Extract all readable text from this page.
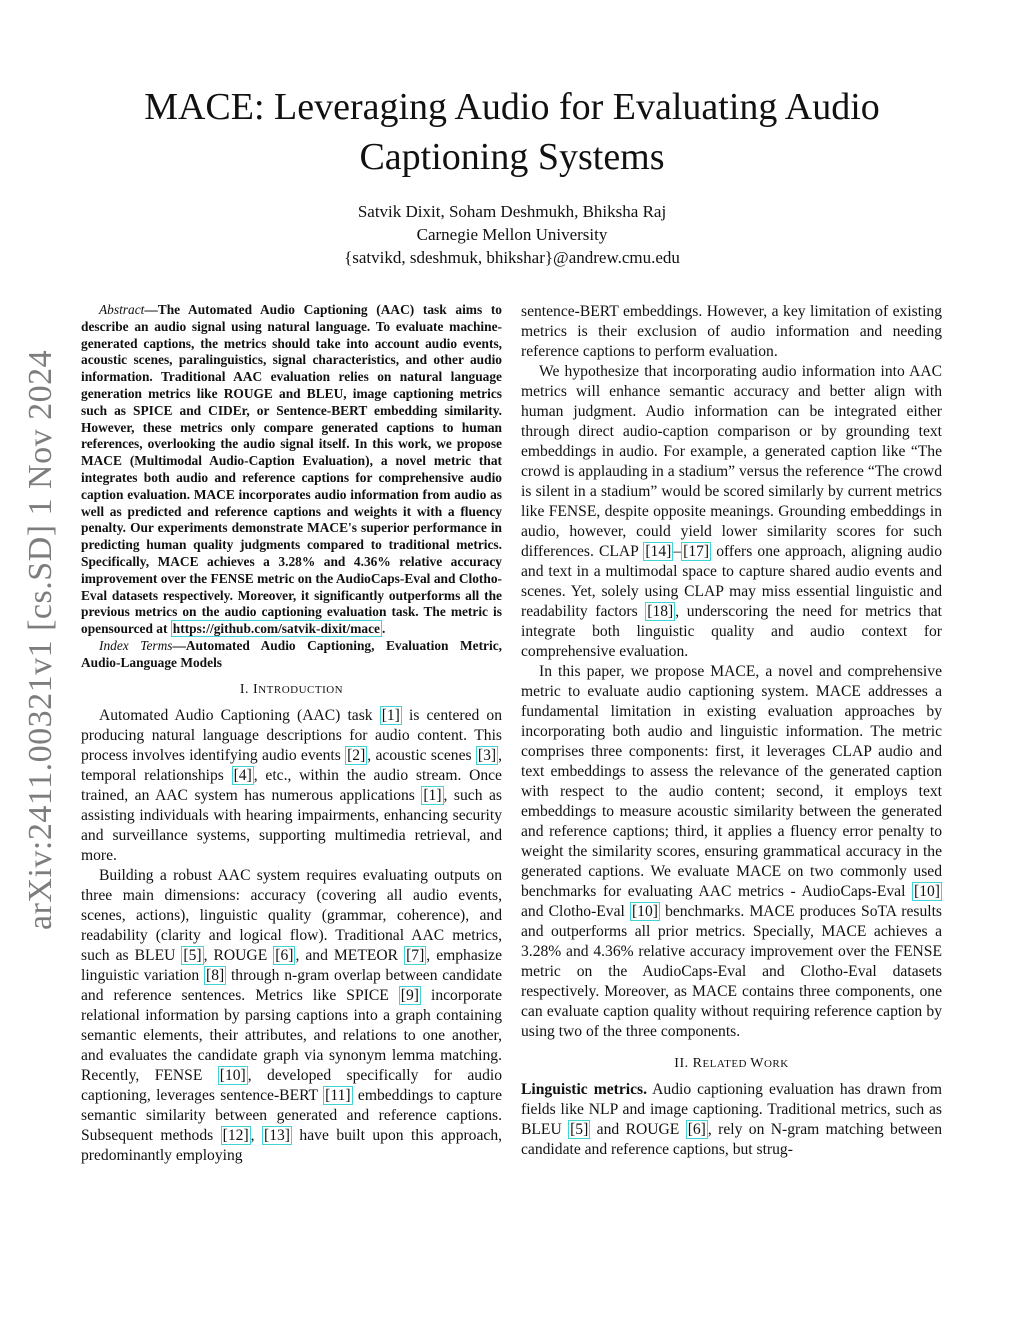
arXiv:2411.00321v1 [cs.SD] 1 Nov 2024
MACE: Leveraging Audio for Evaluating Audio Captioning Systems
Satvik Dixit, Soham Deshmukh, Bhiksha Raj
Carnegie Mellon University
{satvikd, sdeshmuk, bhikshar}@andrew.cmu.edu

Abstract—The Automated Audio Captioning (AAC) task aims to describe an audio signal using natural language. To evaluate machine-generated captions, the metrics should take into account audio events, acoustic scenes, paralinguistics, signal characteristics, and other audio information. Traditional AAC evaluation relies on natural language generation metrics like ROUGE and BLEU, image captioning metrics such as SPICE and CIDEr, or Sentence-BERT embedding similarity. However, these metrics only compare generated captions to human references, overlooking the audio signal itself. In this work, we propose MACE (Multimodal Audio-Caption Evaluation), a novel metric that integrates both audio and reference captions for comprehensive audio caption evaluation. MACE incorporates audio information from audio as well as predicted and reference captions and weights it with a fluency penalty. Our experiments demonstrate MACE's superior performance in predicting human quality judgments compared to traditional metrics. Specifically, MACE achieves a 3.28% and 4.36% relative accuracy improvement over the FENSE metric on the AudioCaps-Eval and Clotho-Eval datasets respectively. Moreover, it significantly outperforms all the previous metrics on the audio captioning evaluation task. The metric is opensourced at https://github.com/satvik-dixit/mace .

Index Terms—Automated Audio Captioning, Evaluation Metric, Audio-Language Models

I. INTRODUCTION

Automated Audio Captioning (AAC) task [1] is centered on producing natural language descriptions for audio content. This process involves identifying audio events [2] , acoustic scenes [3] , temporal relationships [4] , etc., within the audio stream. Once trained, an AAC system has numerous applications [1] , such as assisting individuals with hearing impairments, enhancing security and surveillance systems, supporting multimedia retrieval, and more.

Building a robust AAC system requires evaluating outputs on three main dimensions: accuracy (covering all audio events, scenes, actions), linguistic quality (grammar, coherence), and readability (clarity and logical flow). Traditional AAC metrics, such as BLEU [5] , ROUGE [6] , and METEOR [7] , emphasize linguistic variation [8] through n-gram overlap between candidate and reference sentences. Metrics like SPICE [9] incorporate relational information by parsing captions into a graph containing semantic elements, their attributes, and relations to one another, and evaluates the candidate graph via synonym lemma matching. Recently, FENSE [10] , developed specifically for audio captioning, leverages sentence-BERT [11] embeddings to capture semantic similarity between generated and reference captions. Subsequent methods [12] , [13] have built upon this approach, predominantly employing

sentence-BERT embeddings. However, a key limitation of existing metrics is their exclusion of audio information and needing reference captions to perform evaluation.

We hypothesize that incorporating audio information into AAC metrics will enhance semantic accuracy and better align with human judgment. Audio information can be integrated either through direct audio-caption comparison or by grounding text embeddings in audio. For example, a generated caption like “The crowd is applauding in a stadium” versus the reference “The crowd is silent in a stadium” would be scored similarly by current metrics like FENSE, despite opposite meanings. Grounding embeddings in audio, however, could yield lower similarity scores for such differences. CLAP [14] – [17] offers one approach, aligning audio and text in a multimodal space to capture shared audio events and scenes. Yet, solely using CLAP may miss essential linguistic and readability factors [18] , underscoring the need for metrics that integrate both linguistic quality and audio context for comprehensive evaluation.

In this paper, we propose MACE, a novel and comprehensive metric to evaluate audio captioning system. MACE addresses a fundamental limitation in existing evaluation approaches by incorporating both audio and linguistic information. The metric comprises three components: first, it leverages CLAP audio and text embeddings to assess the relevance of the generated caption with respect to the audio content; second, it employs text embeddings to measure acoustic similarity between the generated and reference captions; third, it applies a fluency error penalty to weight the similarity scores, ensuring grammatical accuracy in the generated captions. We evaluate MACE on two commonly used benchmarks for evaluating AAC metrics - AudioCaps-Eval [10] and Clotho-Eval [10] benchmarks. MACE produces SoTA results and outperforms all prior metrics. Specially, MACE achieves a 3.28% and 4.36% relative accuracy improvement over the FENSE metric on the AudioCaps-Eval and Clotho-Eval datasets respectively. Moreover, as MACE contains three components, one can evaluate caption quality without requiring reference caption by using two of the three components.

II. RELATED WORK

Linguistic metrics. Audio captioning evaluation has drawn from fields like NLP and image captioning. Traditional metrics, such as BLEU [5] and ROUGE [6] , rely on N-gram matching between candidate and reference captions, but strug-
